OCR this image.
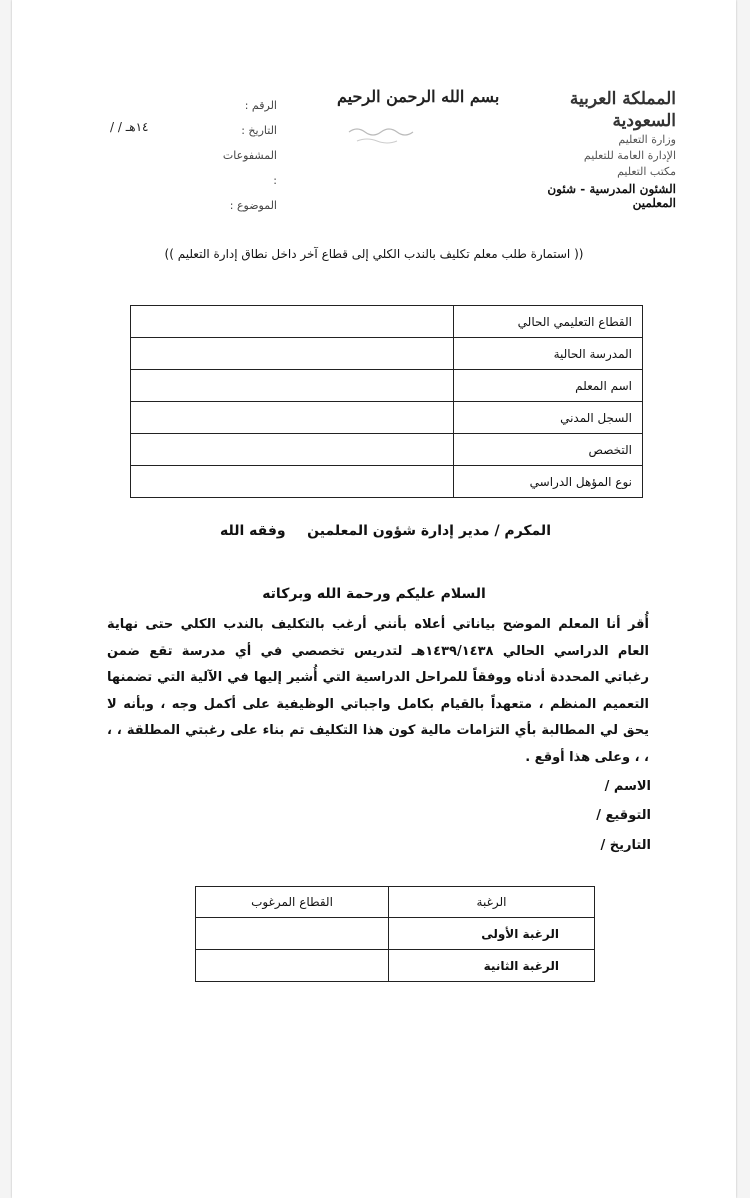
المملكة العربية السعودية
وزارة التعليم
الإدارة العامة للتعليم
مكتب التعليم
الشئون المدرسية - شئون المعلمين
بسم الله الرحمن الرحيم
الرقم :
التاريخ :
المشفوعات :
الموضوع :
/ / ١٤هـ
(( استمارة طلب معلم تكليف بالندب الكلي إلى قطاع آخر داخل نطاق إدارة التعليم ))
القطاع التعليمي الحالي	
المدرسة الحالية	
اسم المعلم	
السجل المدني	
التخصص	
نوع المؤهل الدراسي	
المكرم / مدير إدارة شؤون المعلمين
وفقه الله
السلام عليكم ورحمة الله وبركاته
أُقر أنا المعلم الموضح بياناتي أعلاه بأنني أرغب بالتكليف بالندب الكلي حتى نهاية العام الدراسي الحالي ١٤٣٩/١٤٣٨هـ لتدريس تخصصي في أي مدرسة تقع ضمن رغباتي المحددة أدناه ووفقاً للمراحل الدراسية التي أُشير إليها في الآلية التي تضمنها التعميم المنظم ، متعهداً بالقيام بكامل واجباتي الوظيفية على أكمل وجه ، وبأنه لا يحق لي المطالبة بأي التزامات مالية كون هذا التكليف تم بناء على رغبتي المطلقة ، ، ، ، وعلى هذا أوقع .
الاسم /
التوقيع /
التاريخ /
الرغبة	القطاع المرغوب
الرغبة الأولى	
الرغبة الثانية	
